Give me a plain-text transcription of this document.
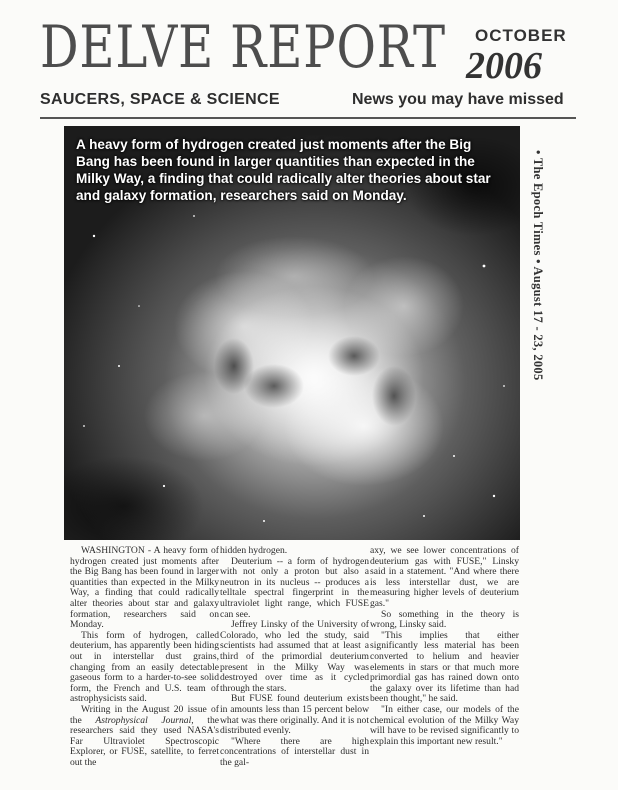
DELVE REPORT OCTOBER
2006
SAUCERS, SPACE & SCIENCE	News you may have missed
A heavy form of hydrogen created just moments after the Big Bang has been found in larger quantities than expected in the Milky Way, a finding that could radically alter theories about star and galaxy formation, researchers said on Monday.	• The Epoch Times • August 17 - 23, 2005

WASHINGTON - A heavy form of hydrogen created just moments after the Big Bang has been found in larger quantities than expected in the Milky Way, a finding that could radically alter theories about star and galaxy formation, researchers said on Monday.

This form of hydrogen, called deuterium, has apparently been hiding out in interstellar dust grains, changing from an easily detectable gaseous form to a harder-to-see solid form, the French and U.S. team of astrophysicists said.

Writing in the August 20 issue of the Astrophysical Journal, the researchers said they used NASA's Far Ultraviolet Spectroscopic Explorer, or FUSE, satellite, to ferret out the

hidden hydrogen.

Deuterium -- a form of hydrogen with not only a proton but also a neutron in its nucleus -- produces a telltale spectral fingerprint in the ultraviolet light range, which FUSE can see.

Jeffrey Linsky of the University of Colorado, who led the study, said scientists had assumed that at least a third of the primordial deuterium present in the Milky Way was destroyed over time as it cycled through the stars.

But FUSE found deuterium exists in amounts less than 15 percent below what was there originally. And it is not distributed evenly.

"Where there are high concentrations of interstellar dust in the gal-

axy, we see lower concentrations of deuterium gas with FUSE," Linsky said in a statement. "And where there is less interstellar dust, we are measuring higher levels of deuterium gas."

So something in the theory is wrong, Linsky said.

"This implies that either significantly less material has been converted to helium and heavier elements in stars or that much more primordial gas has rained down onto the galaxy over its lifetime than had been thought," he said.

"In either case, our models of the chemical evolution of the Milky Way will have to be revised significantly to explain this important new result."
